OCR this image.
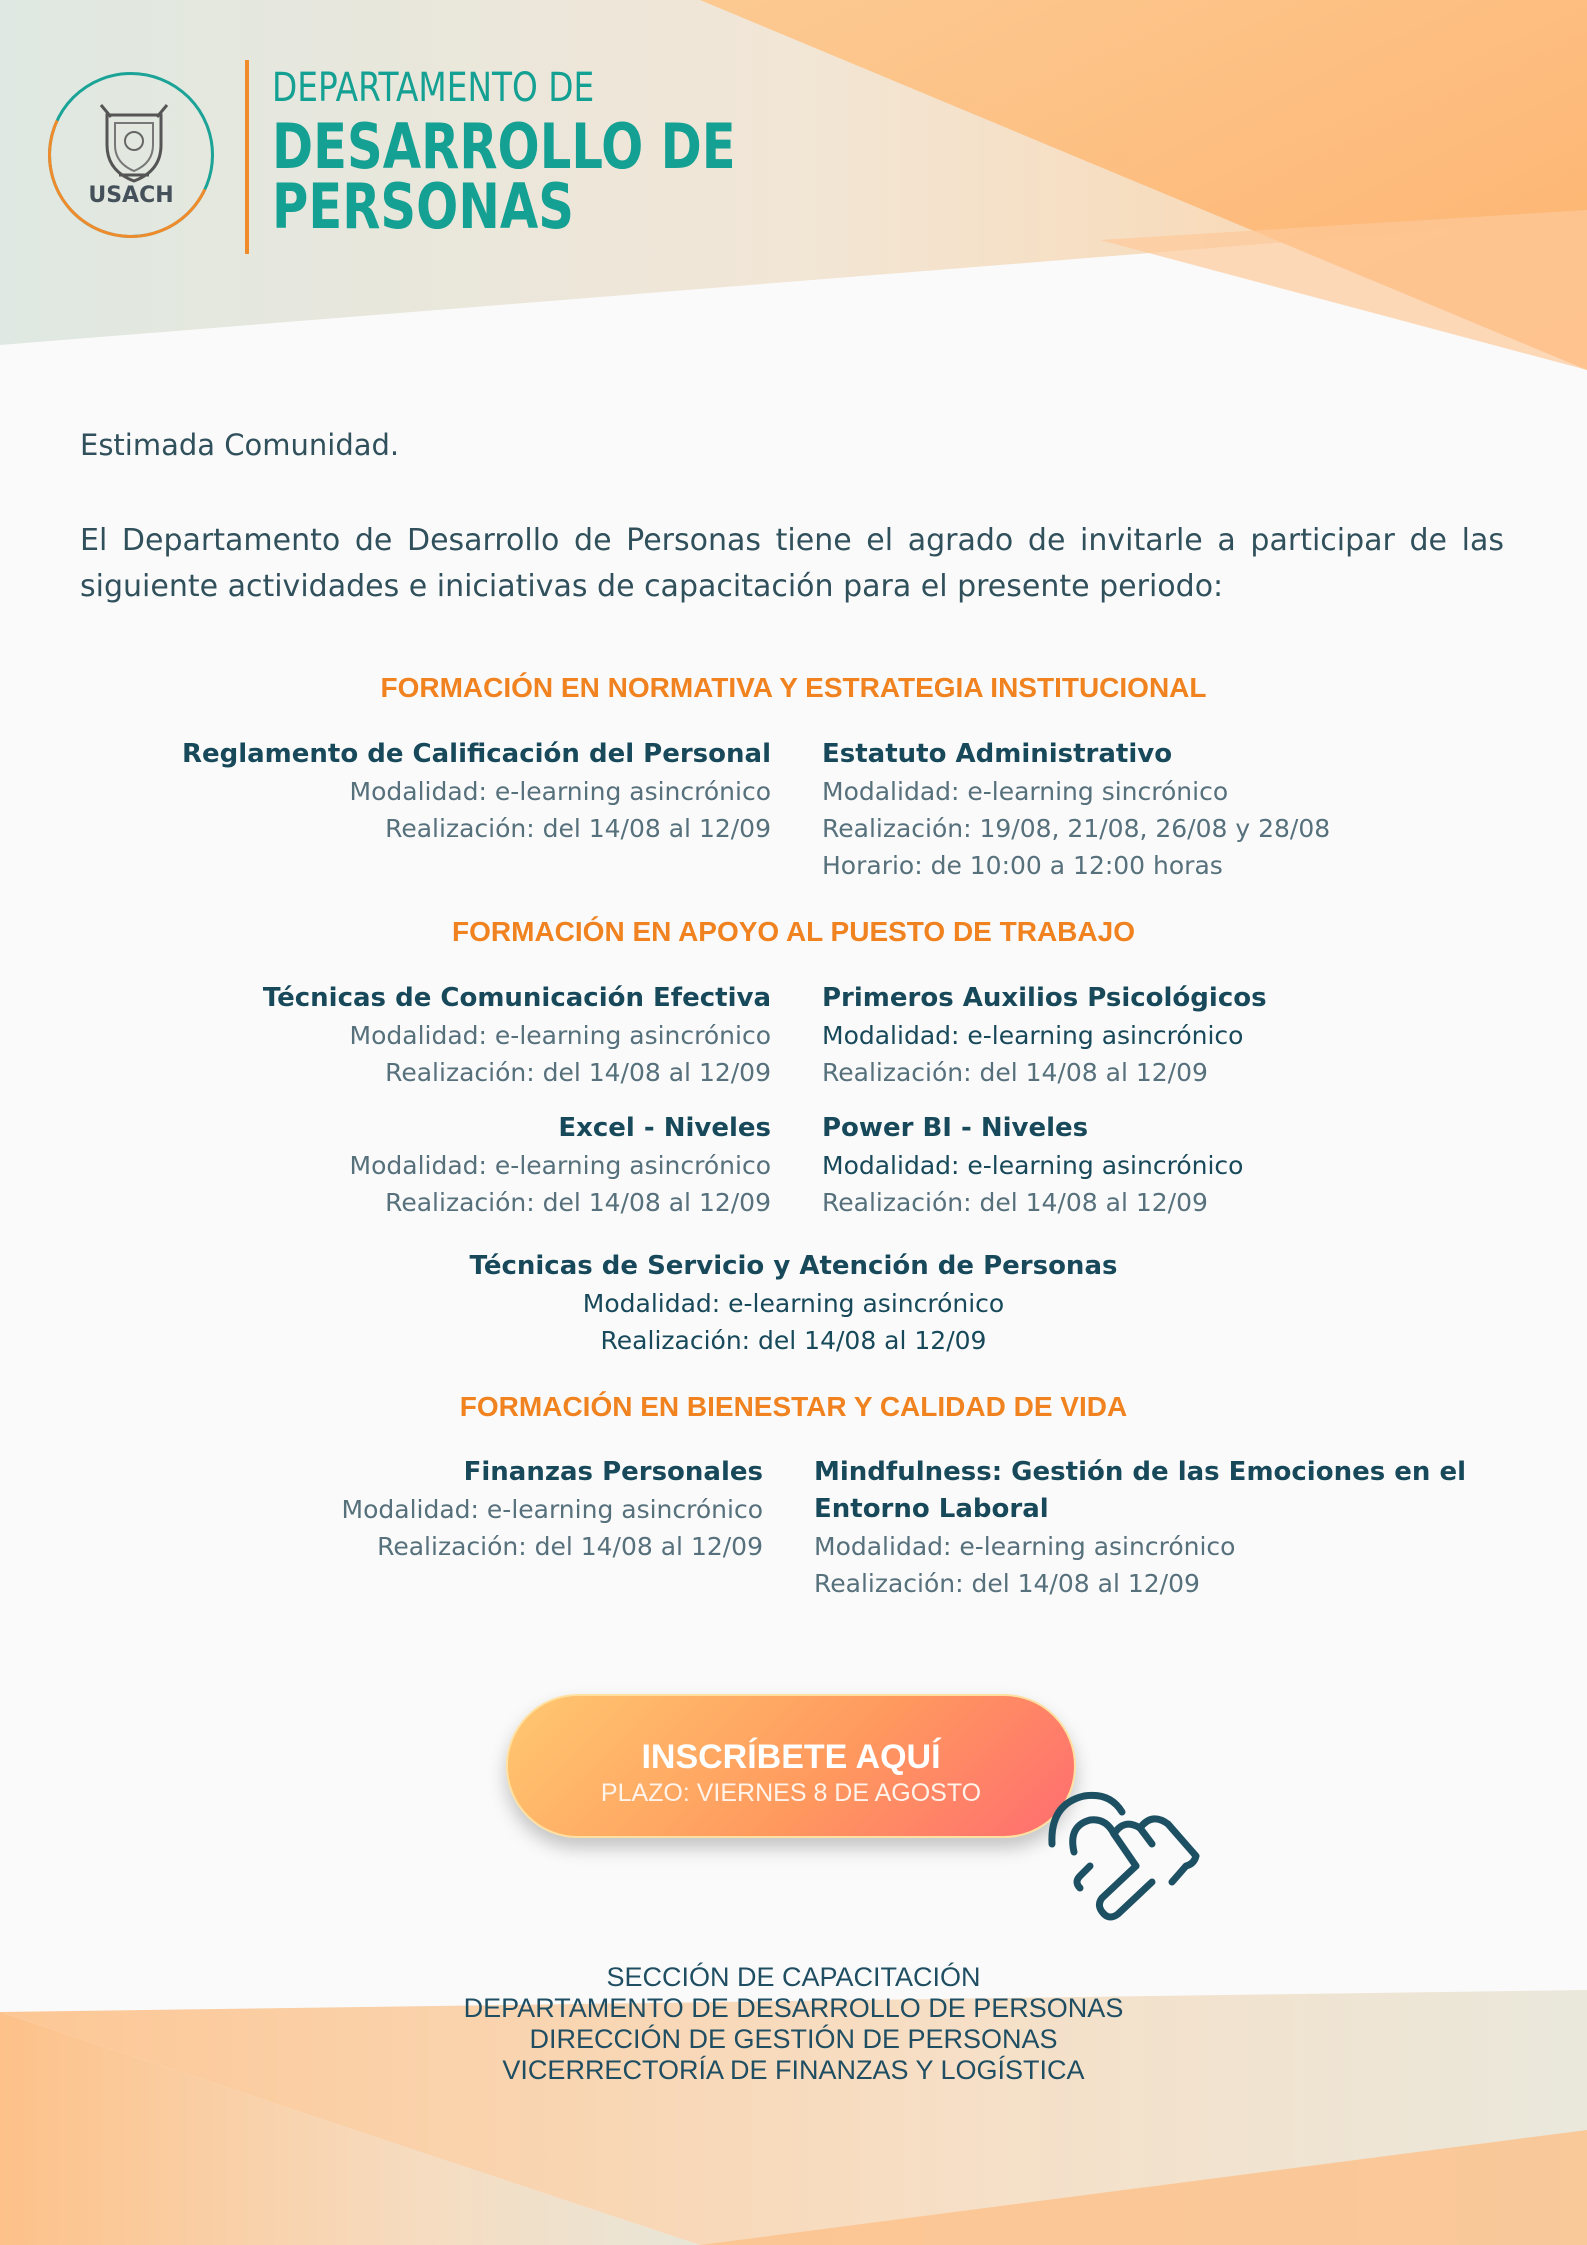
USACH
DEPARTAMENTO DE
DESARROLLO DE
PERSONAS
Estimada Comunidad.
El Departamento de Desarrollo de Personas tiene el agrado de invitarle a participar de las siguiente actividades e iniciativas de capacitación para el presente periodo:
FORMACIÓN EN NORMATIVA Y ESTRATEGIA INSTITUCIONAL
Reglamento de Calificación del Personal
Modalidad: e-learning asincrónico
Realización: del 14/08 al 12/09
Estatuto Administrativo
Modalidad: e-learning sincrónico
Realización: 19/08, 21/08, 26/08 y 28/08
Horario: de 10:00 a 12:00 horas
FORMACIÓN EN APOYO AL PUESTO DE TRABAJO
Técnicas de Comunicación Efectiva
Modalidad: e-learning asincrónico
Realización: del 14/08 al 12/09
Primeros Auxilios Psicológicos
Modalidad: e-learning asincrónico
Realización: del 14/08 al 12/09
Excel - Niveles
Modalidad: e-learning asincrónico
Realización: del 14/08 al 12/09
Power BI - Niveles
Modalidad: e-learning asincrónico
Realización: del 14/08 al 12/09
Técnicas de Servicio y Atención de Personas
Modalidad: e-learning asincrónico
Realización: del 14/08 al 12/09
FORMACIÓN EN BIENESTAR Y CALIDAD DE VIDA
Finanzas Personales
Modalidad: e-learning asincrónico
Realización: del 14/08 al 12/09
Mindfulness: Gestión de las Emociones en el
Entorno Laboral
Modalidad: e-learning asincrónico
Realización: del 14/08 al 12/09
INSCRÍBETE AQUÍ
PLAZO: VIERNES 8 DE AGOSTO
SECCIÓN DE CAPACITACIÓN
DEPARTAMENTO DE DESARROLLO DE PERSONAS
DIRECCIÓN DE GESTIÓN DE PERSONAS
VICERRECTORÍA DE FINANZAS Y LOGÍSTICA
